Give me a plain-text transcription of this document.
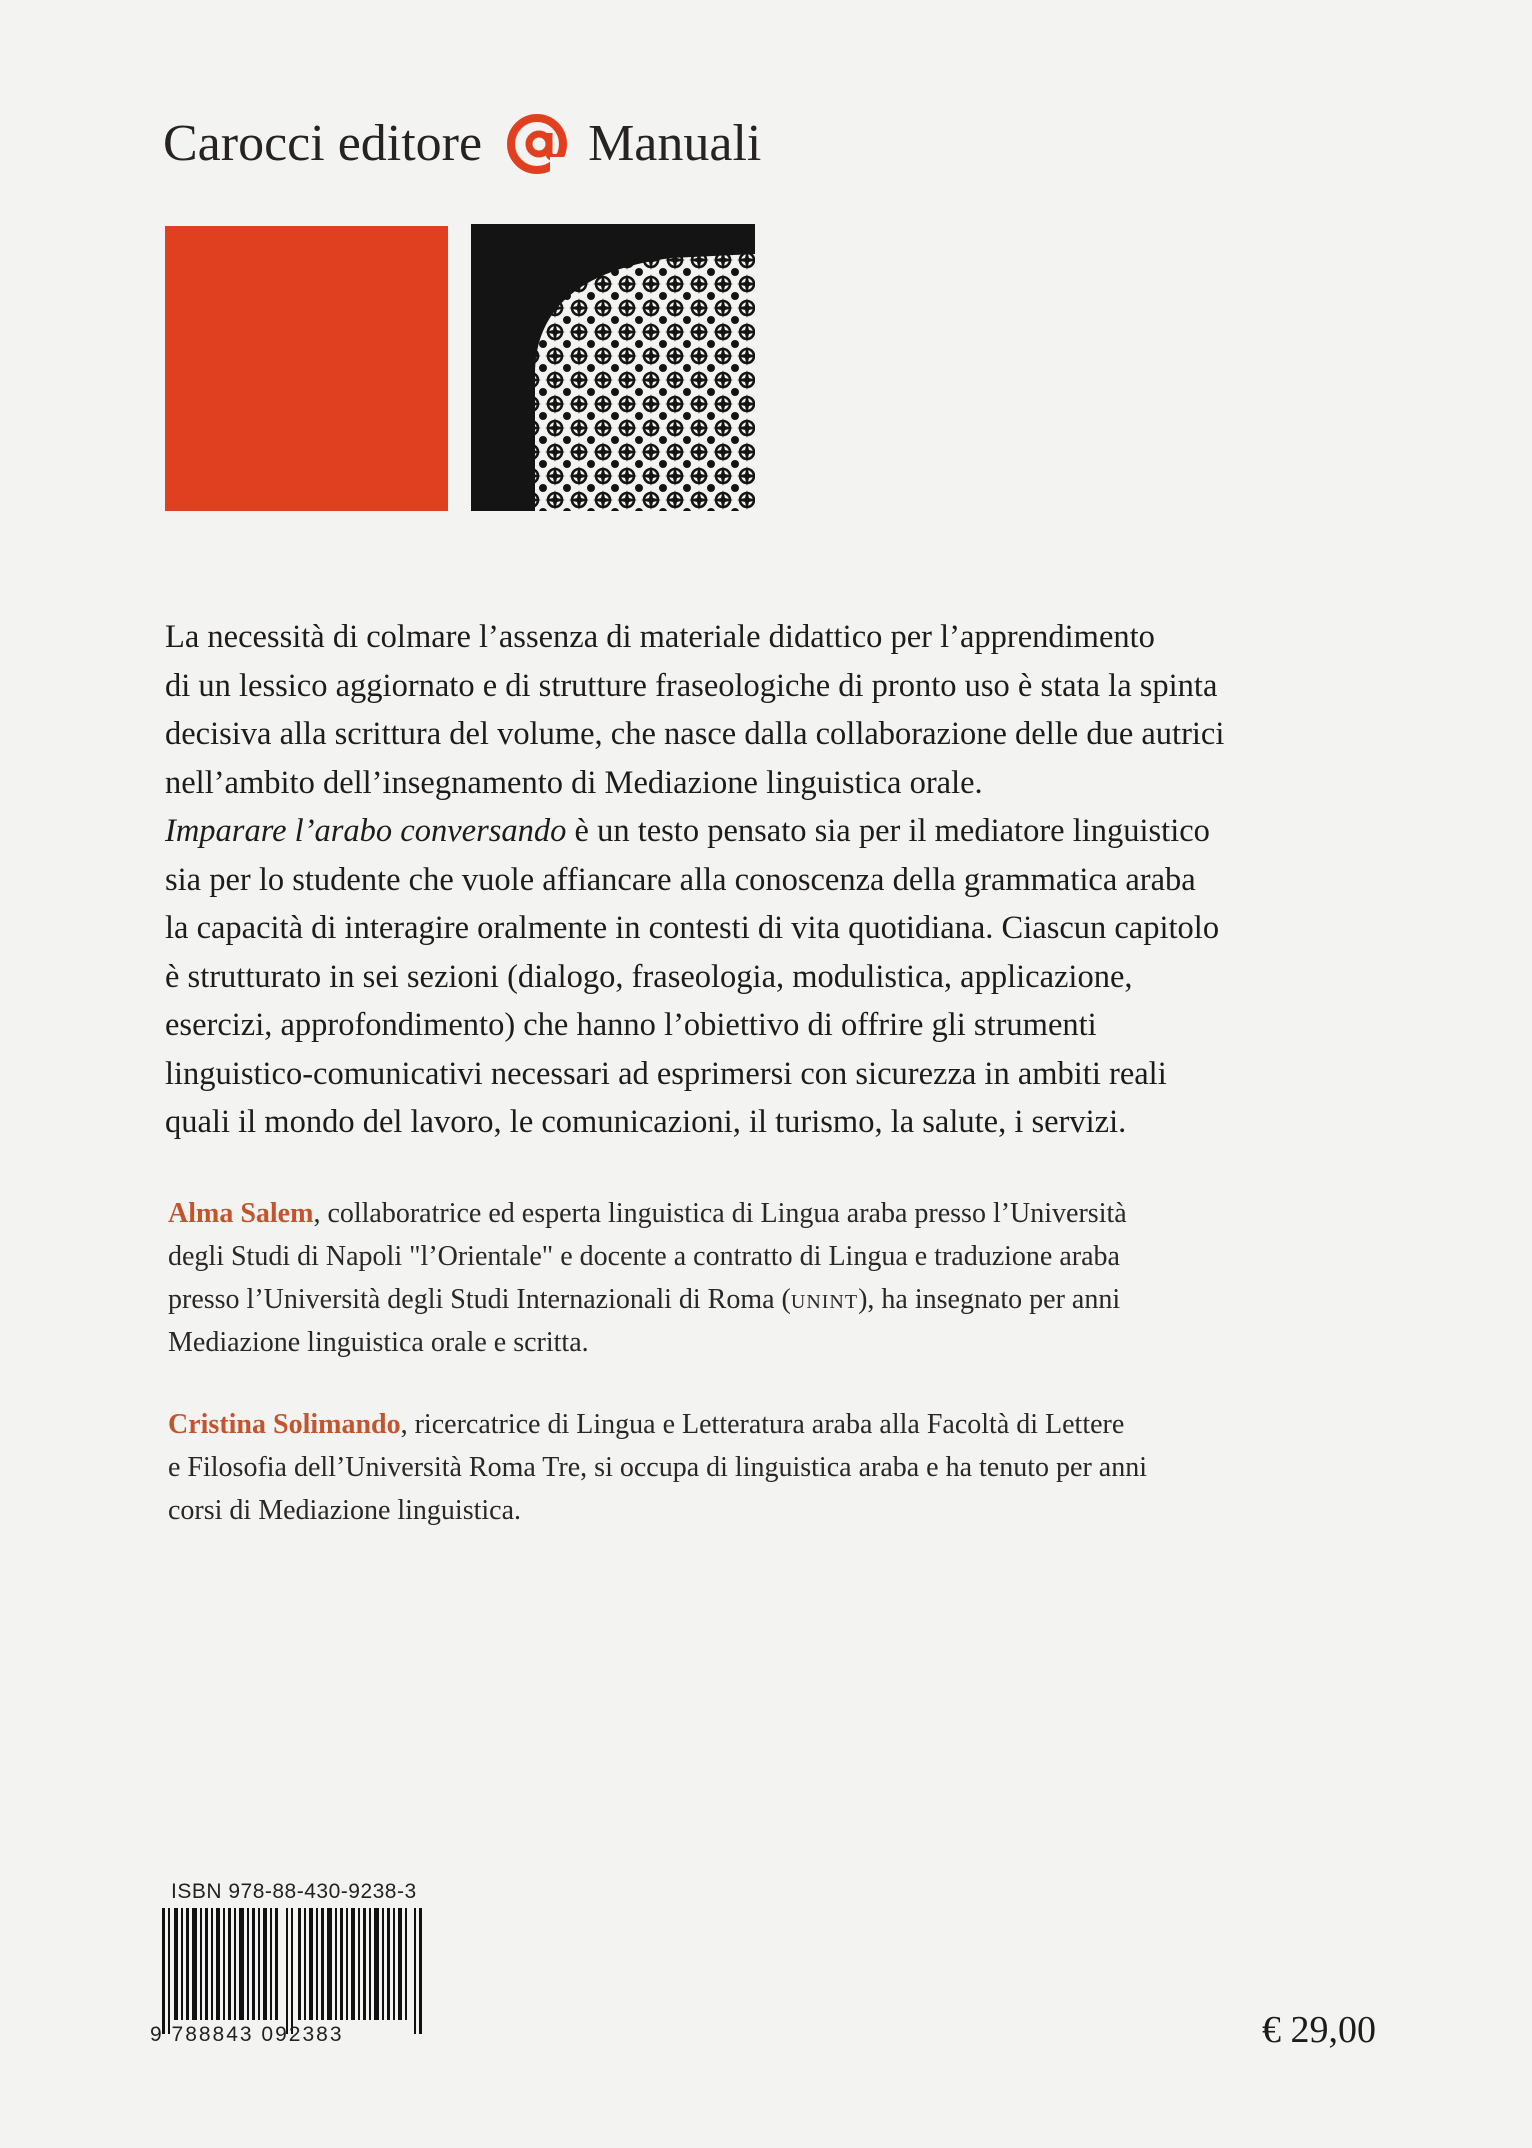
Carocci editore Manuali

La necessità di colmare l’assenza di materiale didattico per l’apprendimento

di un lessico aggiornato e di strutture fraseologiche di pronto uso è stata la spinta

decisiva alla scrittura del volume, che nasce dalla collaborazione delle due autrici

nell’ambito dell’insegnamento di Mediazione linguistica orale.

Imparare l’arabo conversando è un testo pensato sia per il mediatore linguistico

sia per lo studente che vuole affiancare alla conoscenza della grammatica araba

la capacità di interagire oralmente in contesti di vita quotidiana. Ciascun capitolo

è strutturato in sei sezioni (dialogo, fraseologia, modulistica, applicazione,

esercizi, approfondimento) che hanno l’obiettivo di offrire gli strumenti

linguistico-comunicativi necessari ad esprimersi con sicurezza in ambiti reali

quali il mondo del lavoro, le comunicazioni, il turismo, la salute, i servizi.

Alma Salem, collaboratrice ed esperta linguistica di Lingua araba presso l’Università
degli Studi di Napoli "l’Orientale" e docente a contratto di Lingua e traduzione araba
presso l’Università degli Studi Internazionali di Roma (unint), ha insegnato per anni
Mediazione linguistica orale e scritta.
Cristina Solimando, ricercatrice di Lingua e Letteratura araba alla Facoltà di Lettere
e Filosofia dell’Università Roma Tre, si occupa di linguistica araba e ha tenuto per anni
corsi di Mediazione linguistica.
ISBN 978-88-430-9238-3
9 788843 092383	€ 29,00
